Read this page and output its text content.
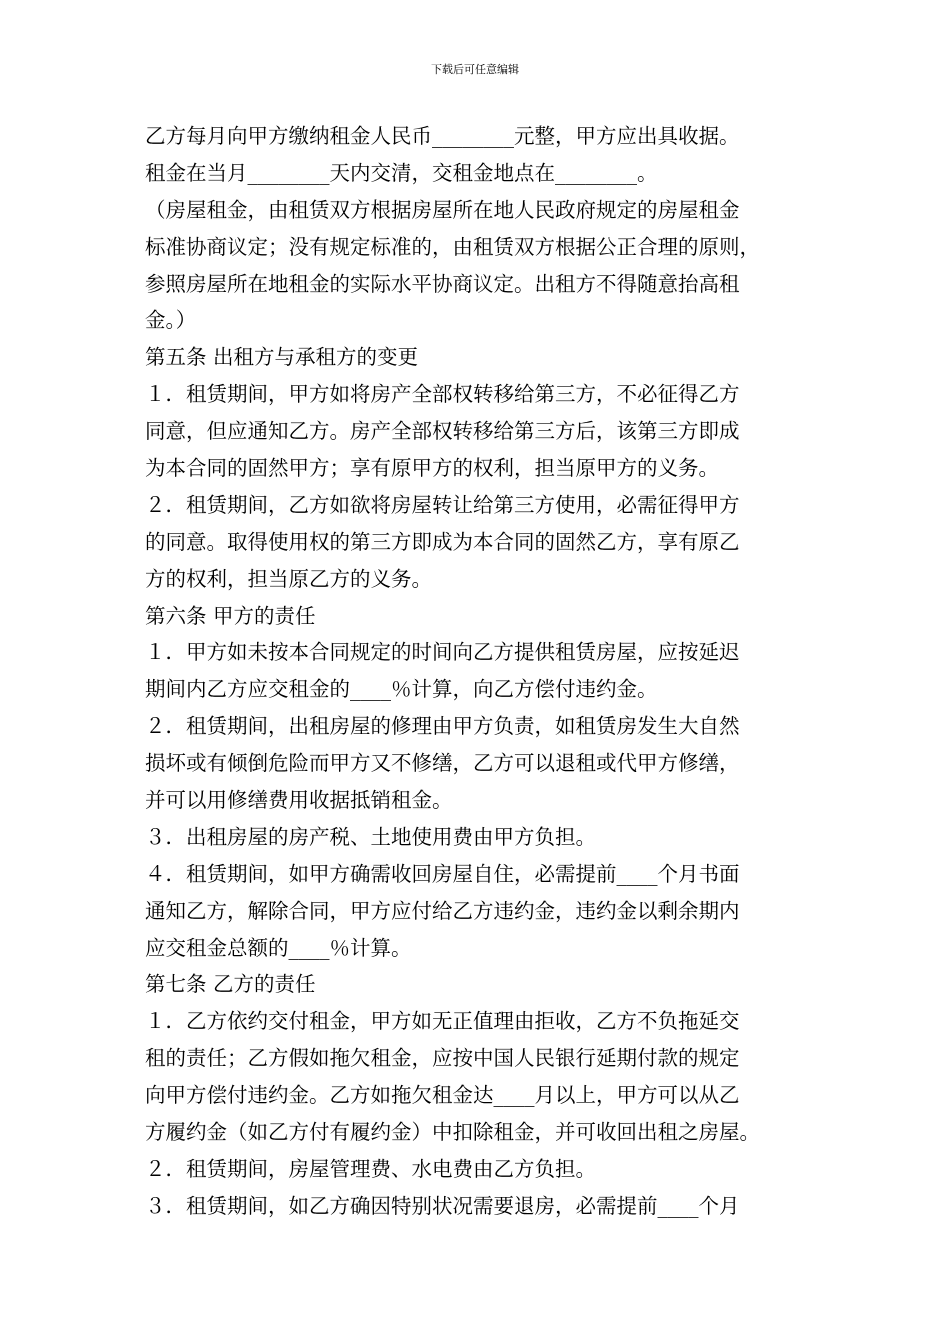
下载后可任意编辑
乙方每月向甲方缴纳租金人民币________元整，甲方应出具收据。
租金在当月________天内交清，交租金地点在________。
（房屋租金，由租赁双方根据房屋所在地人民政府规定的房屋租金
标准协商议定；没有规定标准的，由租赁双方根据公正合理的原则，
参照房屋所在地租金的实际水平协商议定。出租方不得随意抬高租
金。）
第五条 出租方与承租方的变更
１．租赁期间，甲方如将房产全部权转移给第三方，不必征得乙方
同意，但应通知乙方。房产全部权转移给第三方后，该第三方即成
为本合同的固然甲方；享有原甲方的权利，担当原甲方的义务。
２．租赁期间，乙方如欲将房屋转让给第三方使用，必需征得甲方
的同意。取得使用权的第三方即成为本合同的固然乙方，享有原乙
方的权利，担当原乙方的义务。
第六条 甲方的责任
１．甲方如未按本合同规定的时间向乙方提供租赁房屋，应按延迟
期间内乙方应交租金的____％计算，向乙方偿付违约金。
２．租赁期间，出租房屋的修理由甲方负责，如租赁房发生大自然
损坏或有倾倒危险而甲方又不修缮，乙方可以退租或代甲方修缮，
并可以用修缮费用收据抵销租金。
３．出租房屋的房产税、土地使用费由甲方负担。
４．租赁期间，如甲方确需收回房屋自住，必需提前____个月书面
通知乙方，解除合同，甲方应付给乙方违约金，违约金以剩余期内
应交租金总额的____％计算。
第七条 乙方的责任
１．乙方依约交付租金，甲方如无正值理由拒收，乙方不负拖延交
租的责任；乙方假如拖欠租金，应按中国人民银行延期付款的规定
向甲方偿付违约金。乙方如拖欠租金达____月以上，甲方可以从乙
方履约金（如乙方付有履约金）中扣除租金，并可收回出租之房屋。
２．租赁期间，房屋管理费、水电费由乙方负担。
３．租赁期间，如乙方确因特别状况需要退房，必需提前____个月
